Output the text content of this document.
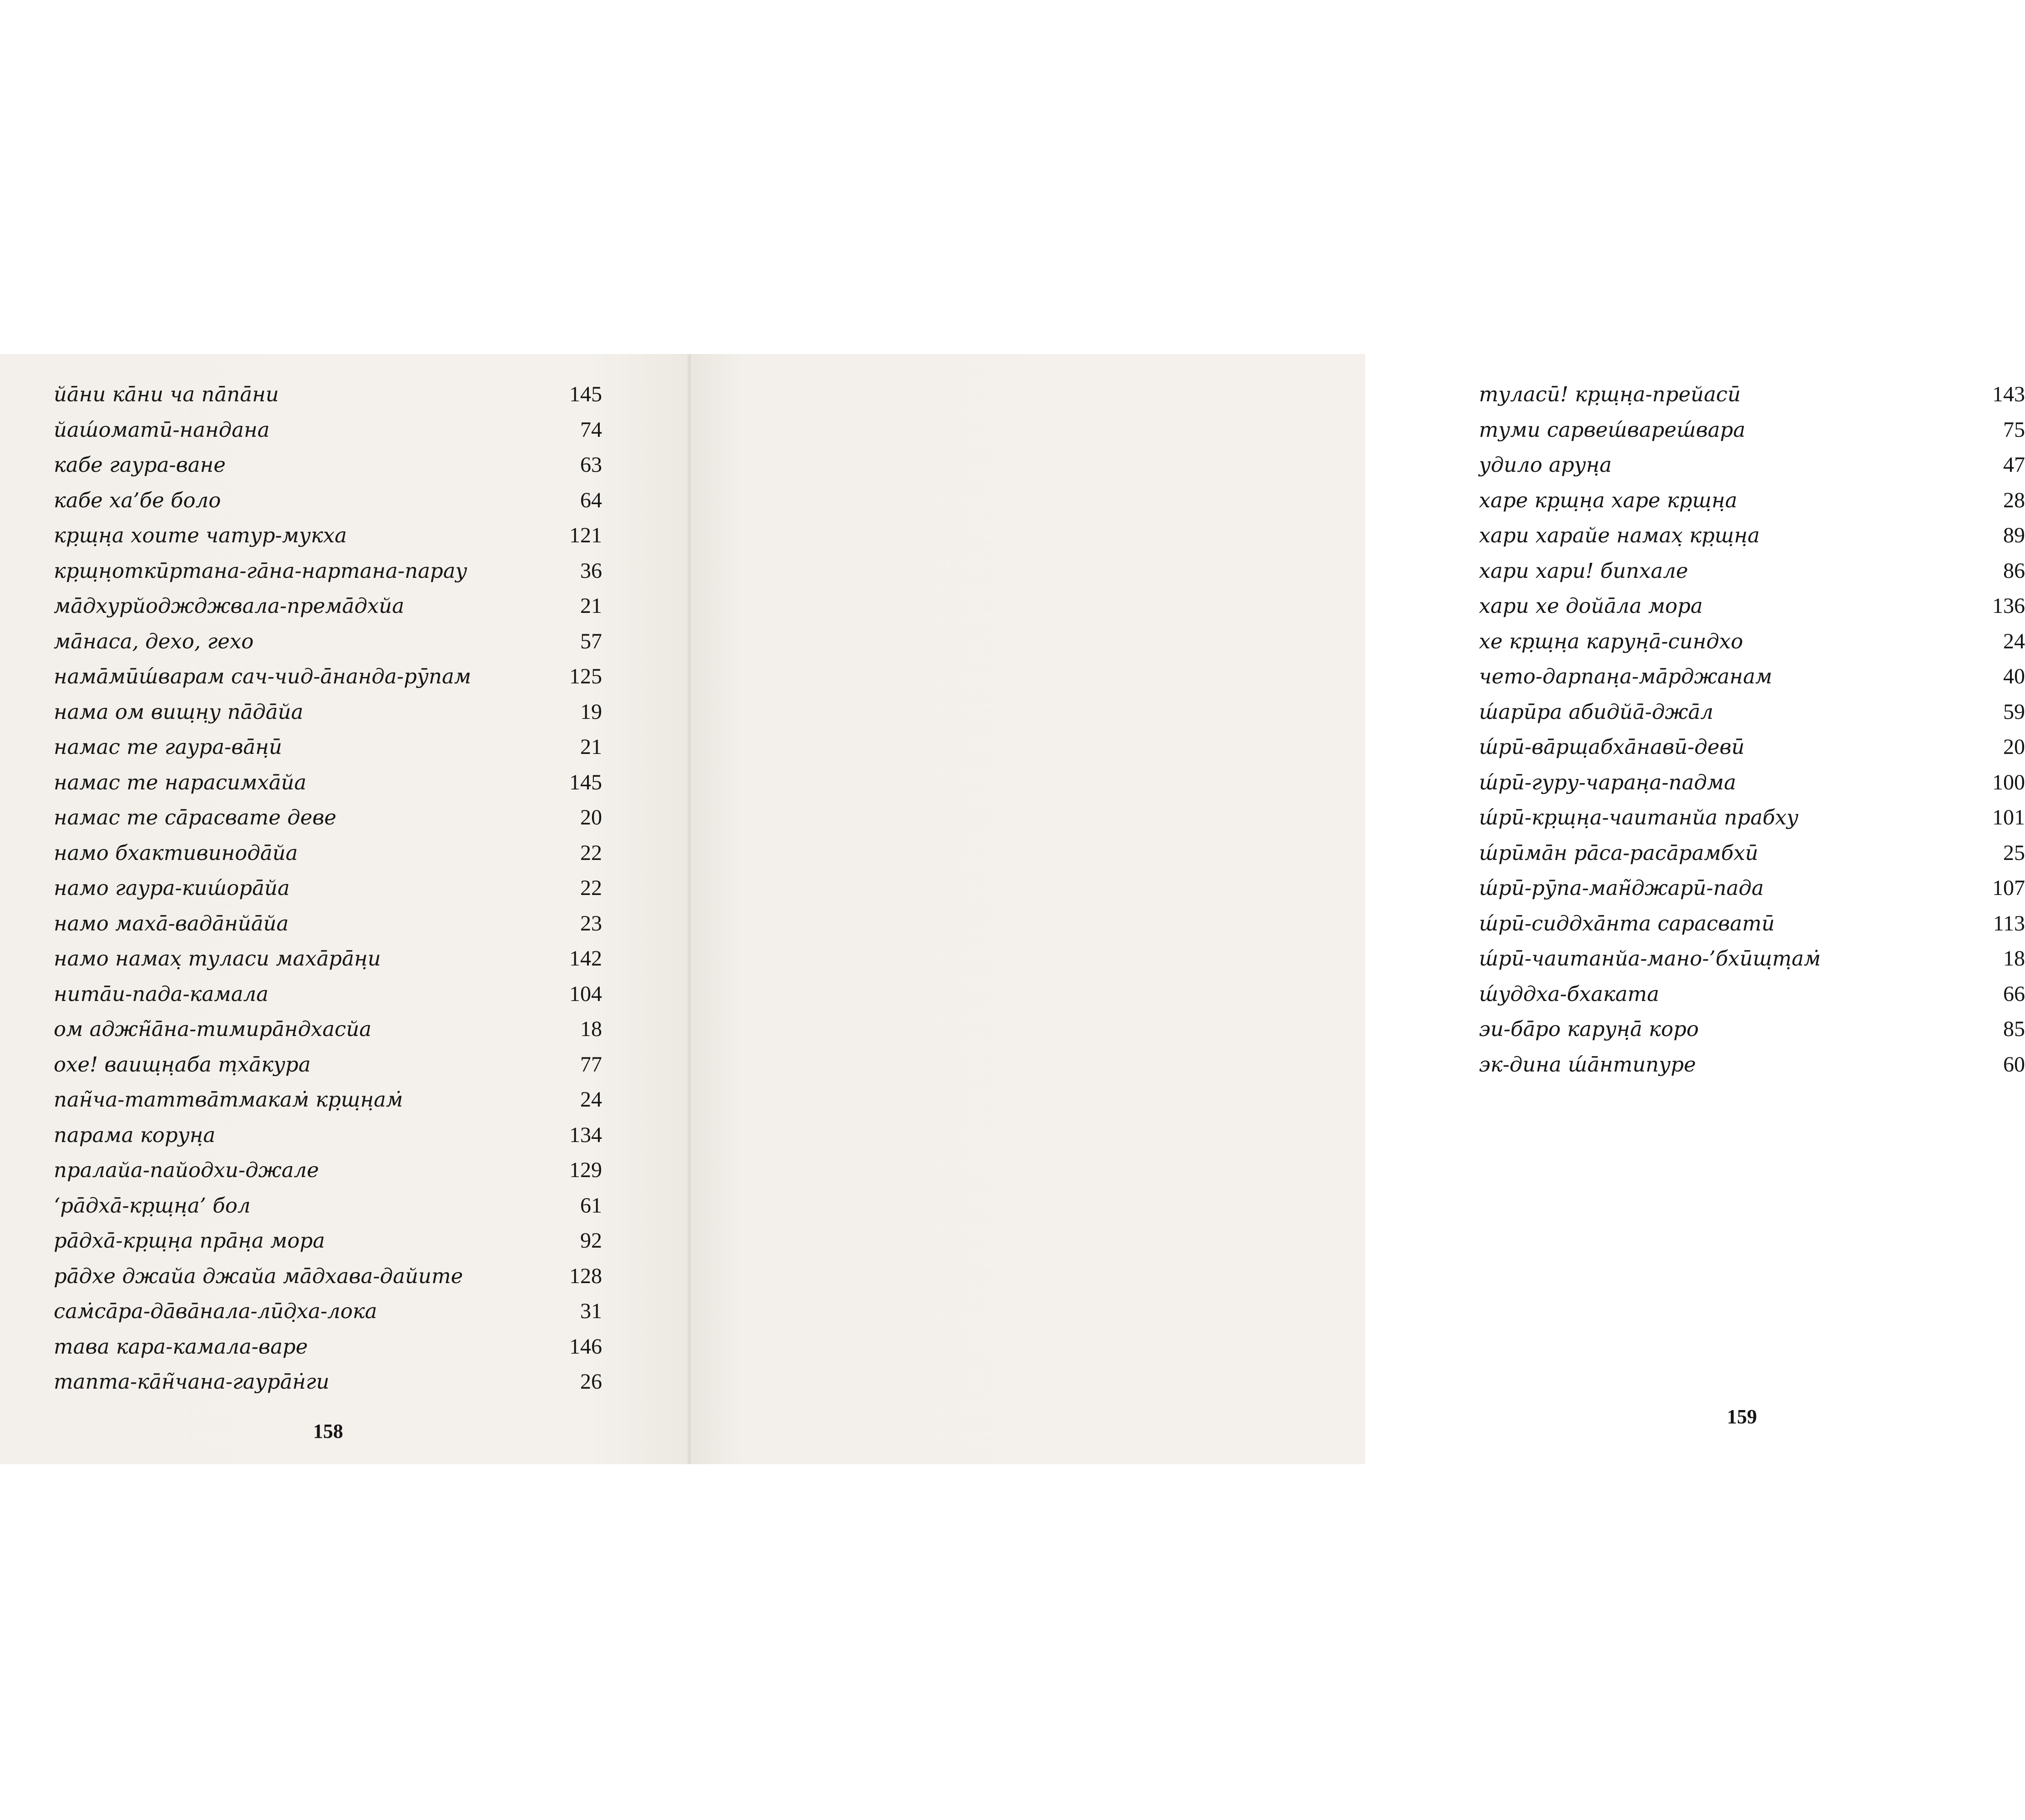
йа̄ни ка̄ни ча па̄па̄ни	145
йаш́оматӣ-нандана	74
кабе гаура-ване	63
кабе ха’бе боло	64
кр̣ш̣н̣а хоите чатур-мукха	121
кр̣ш̣н̣откӣртана-га̄на-нартана-парау	36
ма̄дхурйоджджвала-према̄дхйа	21
ма̄наса, дехо, гехо	57
нама̄мӣш́варам сач-чид-а̄нанда-рӯпам	125
нама ом виш̣н̣у па̄да̄йа	19
намас те гаура-ва̄н̣ӣ	21
намас те нарасимха̄йа	145
намас те са̄расвате деве	20
намо бхактивинода̄йа	22
намо гаура-киш́ора̄йа	22
намо маха̄-вада̄нйа̄йа	23
намо намах̣ туласи маха̄ра̄н̣и	142
нита̄и-пада-камала	104
ом аджн̃а̄на-тимира̄ндхасйа	18
охе! ваиш̣н̣аба т̣ха̄кура	77
пан̃ча-таттва̄тмакам̇ кр̣ш̣н̣ам̇	24
парама корун̣а	134
пралайа-пайодхи-джале	129
‘ра̄дха̄-кр̣ш̣н̣а’ бол	61
ра̄дха̄-кр̣ш̣н̣а пра̄н̣а мора	92
ра̄дхе джайа джайа ма̄дхава-дайите	128
сам̇са̄ра-да̄ва̄нала-лӣд̣ха-лока	31
тава кара-камала-варе	146
тапта-ка̄н̃чана-гаура̄н̇ги	26
158
туласӣ! кр̣ш̣н̣а-прейасӣ	143
туми сарвеш́вареш́вара	75
удило арун̣а	47
харе кр̣ш̣н̣а харе кр̣ш̣н̣а	28
хари харайе намах̣ кр̣ш̣н̣а	89
хари хари! бипхале	86
хари хе дойа̄ла мора	136
хе кр̣ш̣н̣а карун̣а̄-синдхо	24
чето-дарпан̣а-ма̄рджанам	40
ш́арӣра абидйа̄-джа̄л	59
ш́рӣ-ва̄рш̣абха̄навӣ-девӣ	20
ш́рӣ-гуру-чаран̣а-падма	100
ш́рӣ-кр̣ш̣н̣а-чаитанйа прабху	101
ш́рӣма̄н ра̄са-раса̄рамбхӣ	25
ш́рӣ-рӯпа-ман̃джарӣ-пада	107
ш́рӣ-сиддха̄нта сарасватӣ	113
ш́рӣ-чаитанйа-мано-’бхӣш̣т̣ам̇	18
ш́уддха-бхаката	66
эи-ба̄ро карун̣а̄ коро	85
эк-дина ш́а̄нтипуре	60
159
